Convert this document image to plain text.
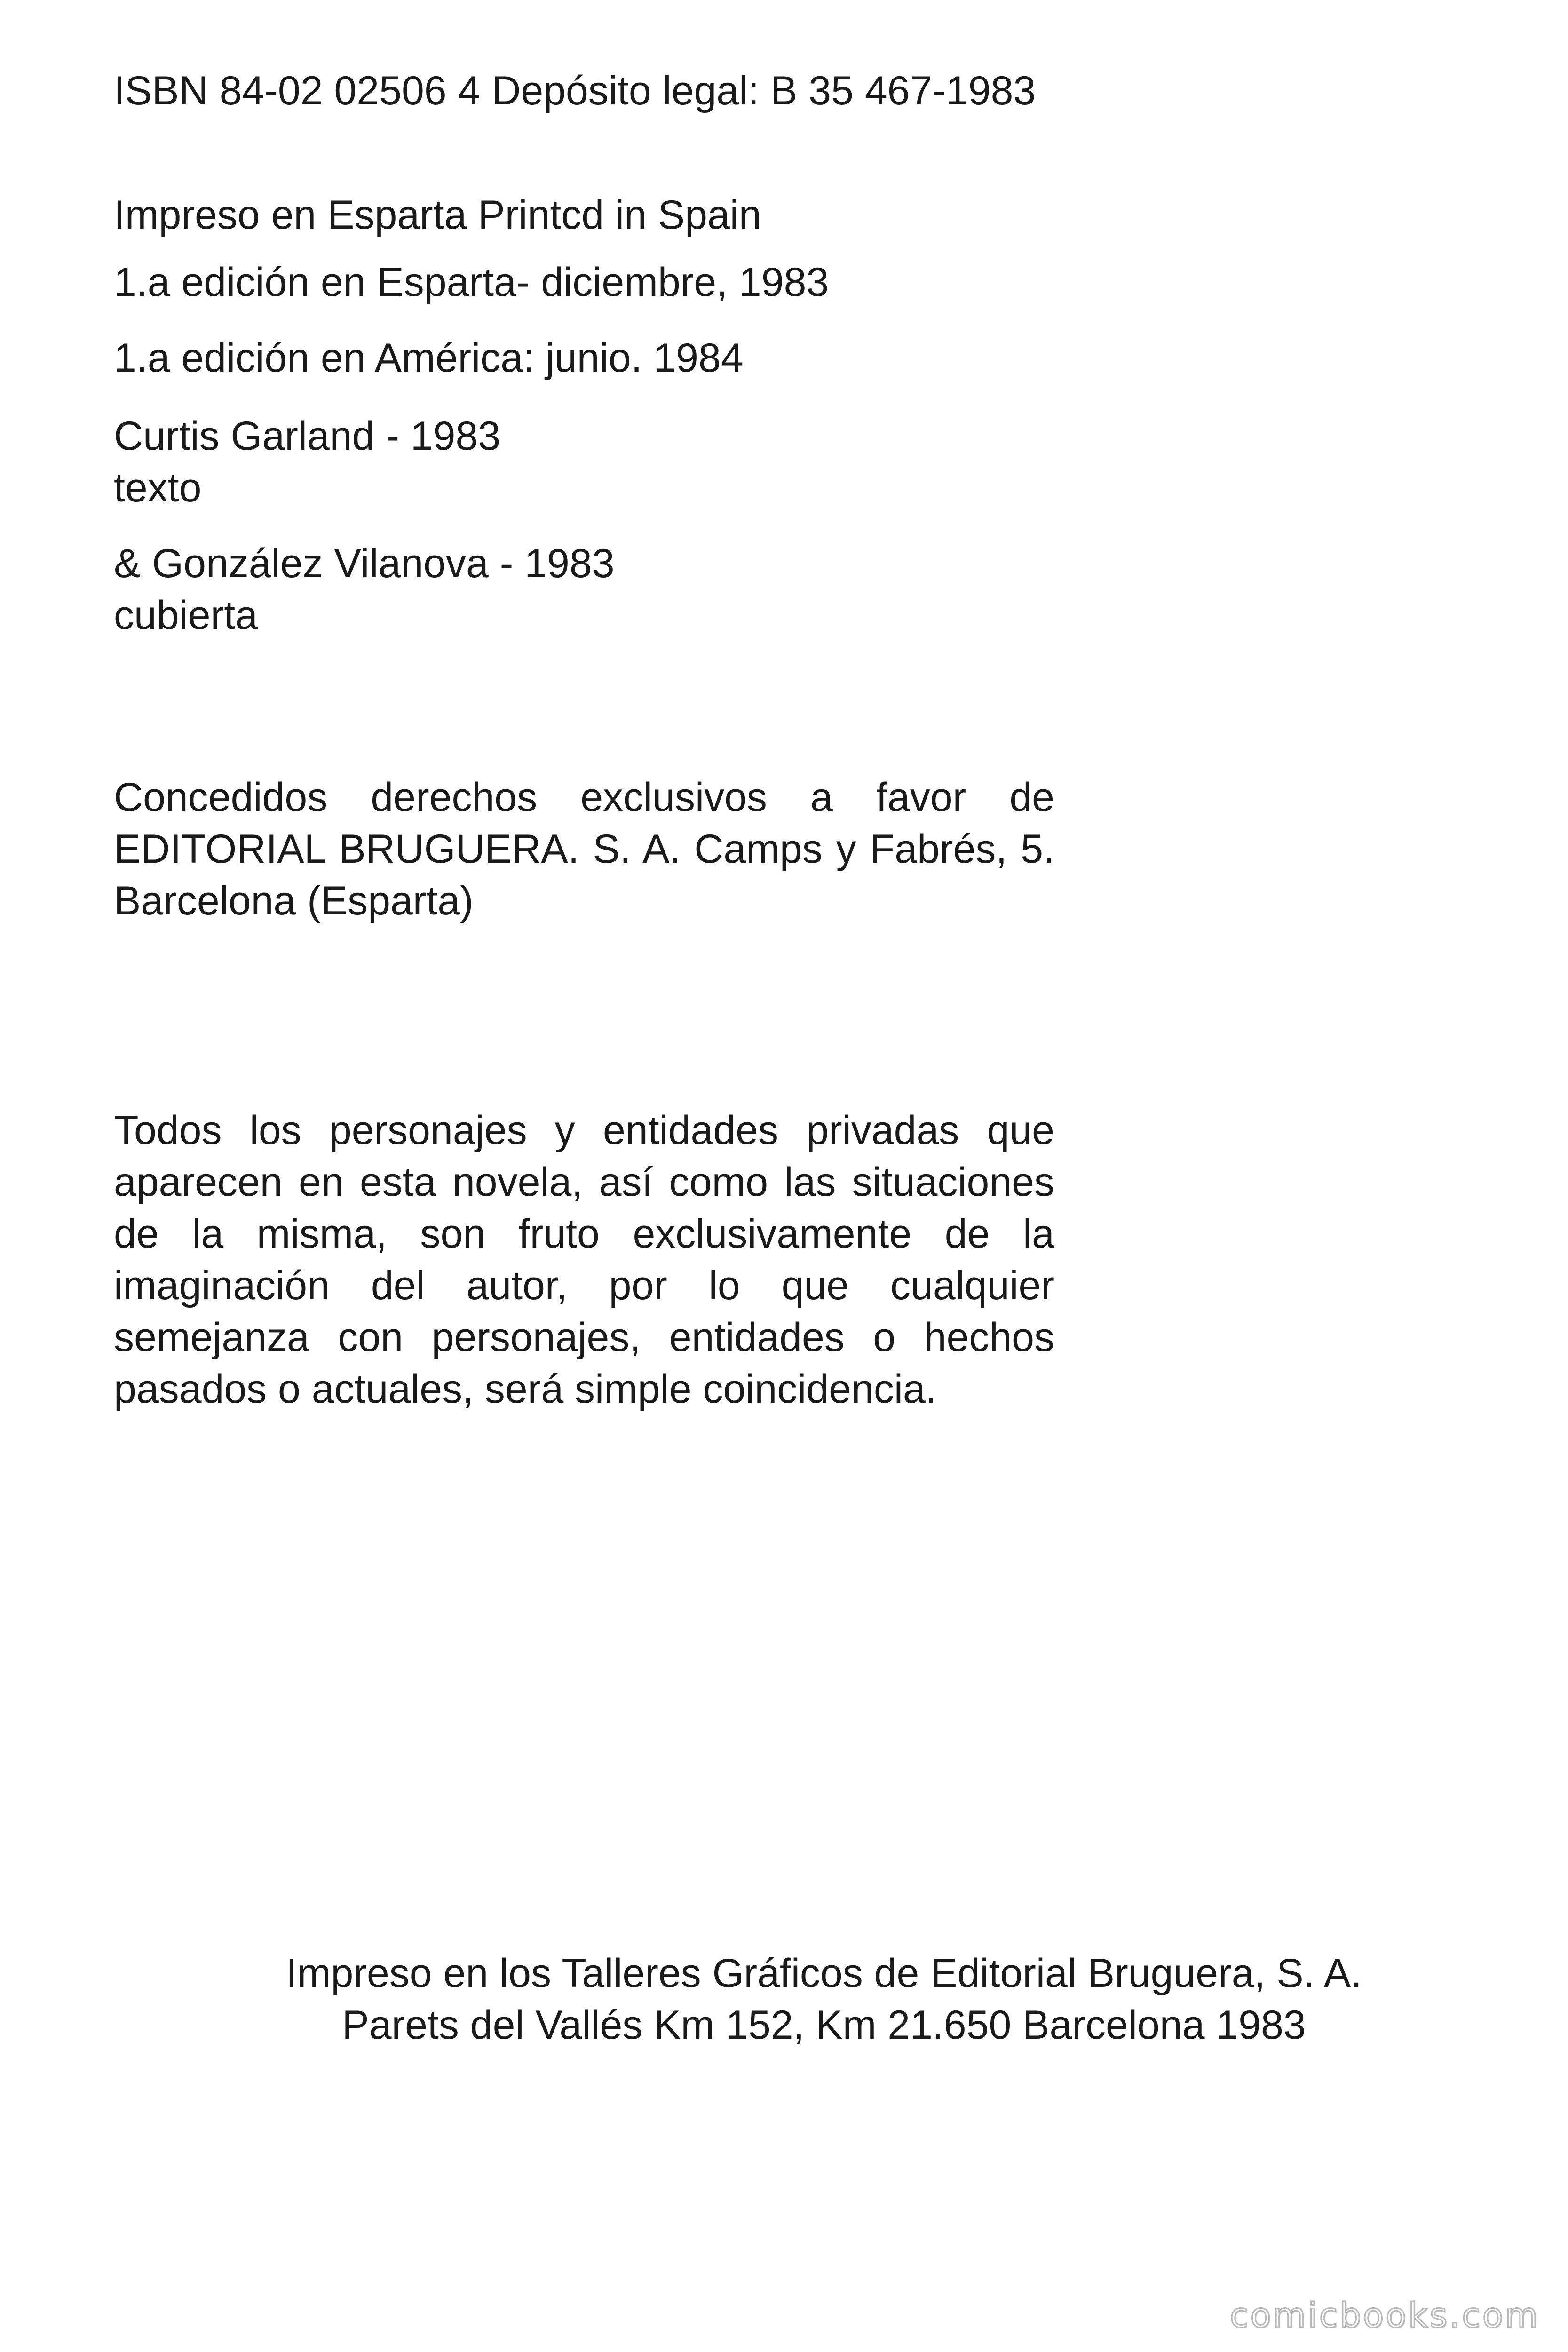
ISBN 84-02 02506 4 Depósito legal: B 35 467-1983

Impreso en Esparta Printcd in Spain

1.a edición en Esparta- diciembre, 1983

1.a edición en América: junio. 1984

Curtis Garland - 1983
texto
& González Vilanova - 1983
cubierta

Concedidos derechos exclusivos a favor de EDITORIAL BRUGUERA. S. A. Camps y Fabrés, 5. Barcelona (Esparta)

Todos los personajes y entidades privadas que aparecen en esta novela, así como las situaciones de la misma, son fruto exclusivamente de la imaginación del autor, por lo que cualquier semejanza con personajes, entidades o hechos pasados o actuales, será simple coincidencia.

Impreso en los Talleres Gráficos de Editorial Bruguera, S. A.
Parets del Vallés Km 152, Km 21.650 Barcelona 1983
comicbooks.com
